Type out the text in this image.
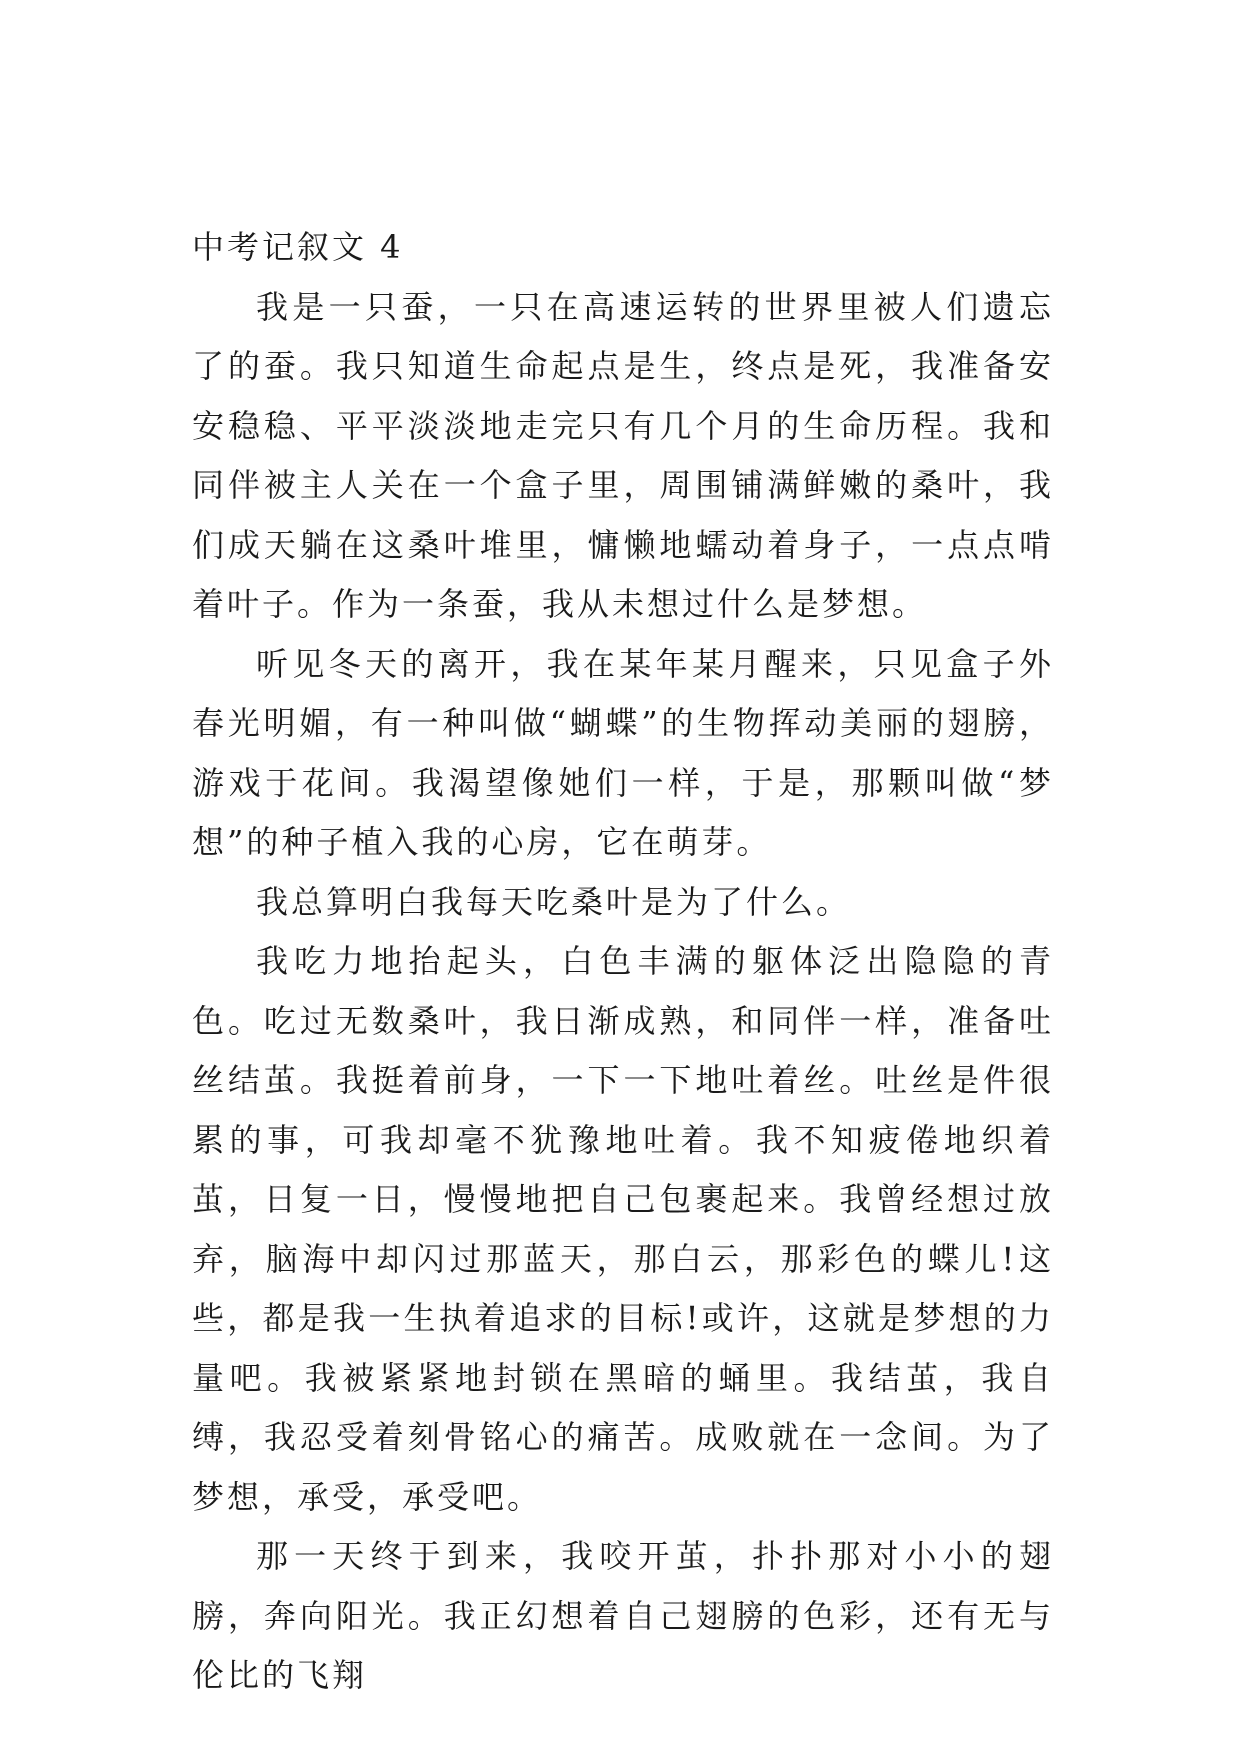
中考记叙文 4

我是一只蚕，一只在高速运转的世界里被人们遗忘了的蚕。我只知道生命起点是生，终点是死，我准备安安稳稳、平平淡淡地走完只有几个月的生命历程。我和同伴被主人关在一个盒子里，周围铺满鲜嫩的桑叶，我们成天躺在这桑叶堆里，慵懒地蠕动着身子，一点点啃着叶子。作为一条蚕，我从未想过什么是梦想。

听见冬天的离开，我在某年某月醒来，只见盒子外春光明媚，有一种叫做“蝴蝶”的生物挥动美丽的翅膀，游戏于花间。我渴望像她们一样，于是，那颗叫做“梦想”的种子植入我的心房，它在萌芽。

我总算明白我每天吃桑叶是为了什么。

我吃力地抬起头，白色丰满的躯体泛出隐隐的青色。吃过无数桑叶，我日渐成熟，和同伴一样，准备吐丝结茧。我挺着前身，一下一下地吐着丝。吐丝是件很累的事，可我却毫不犹豫地吐着。我不知疲倦地织着茧，日复一日，慢慢地把自己包裹起来。我曾经想过放弃，脑海中却闪过那蓝天，那白云，那彩色的蝶儿!这些，都是我一生执着追求的目标!或许，这就是梦想的力量吧。我被紧紧地封锁在黑暗的蛹里。我结茧，我自缚，我忍受着刻骨铭心的痛苦。成败就在一念间。为了梦想，承受，承受吧。

那一天终于到来，我咬开茧，扑扑那对小小的翅膀，奔向阳光。我正幻想着自己翅膀的色彩，还有无与伦比的飞翔
